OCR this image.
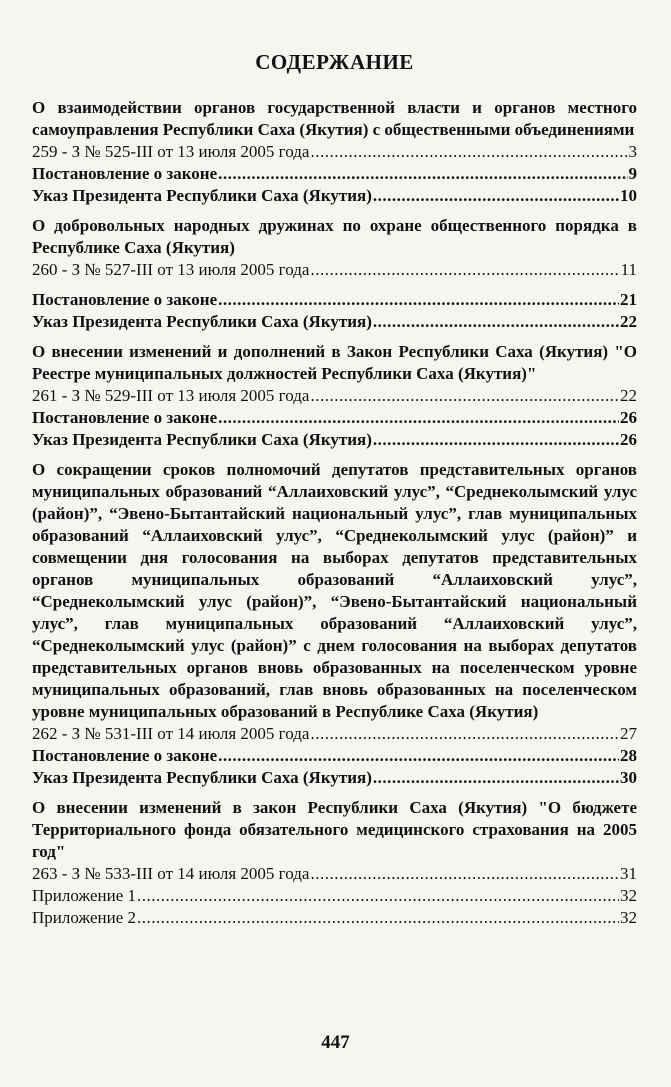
СОДЕРЖАНИЕ

О взаимодействии органов государственной власти и органов местного самоуправления Республики Саха (Якутия) с общественными объединениями

259 - З № 525-III от 13 июля 2005 года .....	3
Постановление о законе .....	9
Указ Президента Республики Саха (Якутия) .....	10

О добровольных народных дружинах по охране общественного порядка в Республике Саха (Якутия)

260 - З № 527-III от 13 июля 2005 года .....	11
Постановление о законе .....	21
Указ Президента Республики Саха (Якутия) .....	22

О внесении изменений и дополнений в Закон Республики Саха (Якутия) "О Реестре муниципальных должностей Республики Саха (Якутия)"

261 - З № 529-III от 13 июля 2005 года .....	22
Постановление о законе .....	26
Указ Президента Республики Саха (Якутия) .....	26

О сокращении сроков полномочий депутатов представительных органов муниципальных образований “Аллаиховский улус”, “Среднеколымский улус (район)”, “Эвено-Бытантайский национальный улус”, глав муниципальных образований “Аллаиховский улус”, “Среднеколымский улус (район)” и совмещении дня голосования на выборах депутатов представительных органов муниципальных образований “Аллаиховский улус”, “Среднеколымский улус (район)”, “Эвено-Бытантайский национальный улус”, глав муниципальных образований “Аллаиховский улус”, “Среднеколымский улус (район)” с днем голосования на выборах депутатов представительных органов вновь образованных на поселенческом уровне муниципальных образований, глав вновь образованных на поселенческом уровне муниципальных образований в Республике Саха (Якутия)

262 - З № 531-III от 14 июля 2005 года .....	27
Постановление о законе .....	28
Указ Президента Республики Саха (Якутия) .....	30

О внесении изменений в закон Республики Саха (Якутия) "О бюджете Территориального фонда обязательного медицинского страхования на 2005 год"

263 - З № 533-III от 14 июля 2005 года .....	31
Приложение 1 .....	32
Приложение 2 .....	32
447
